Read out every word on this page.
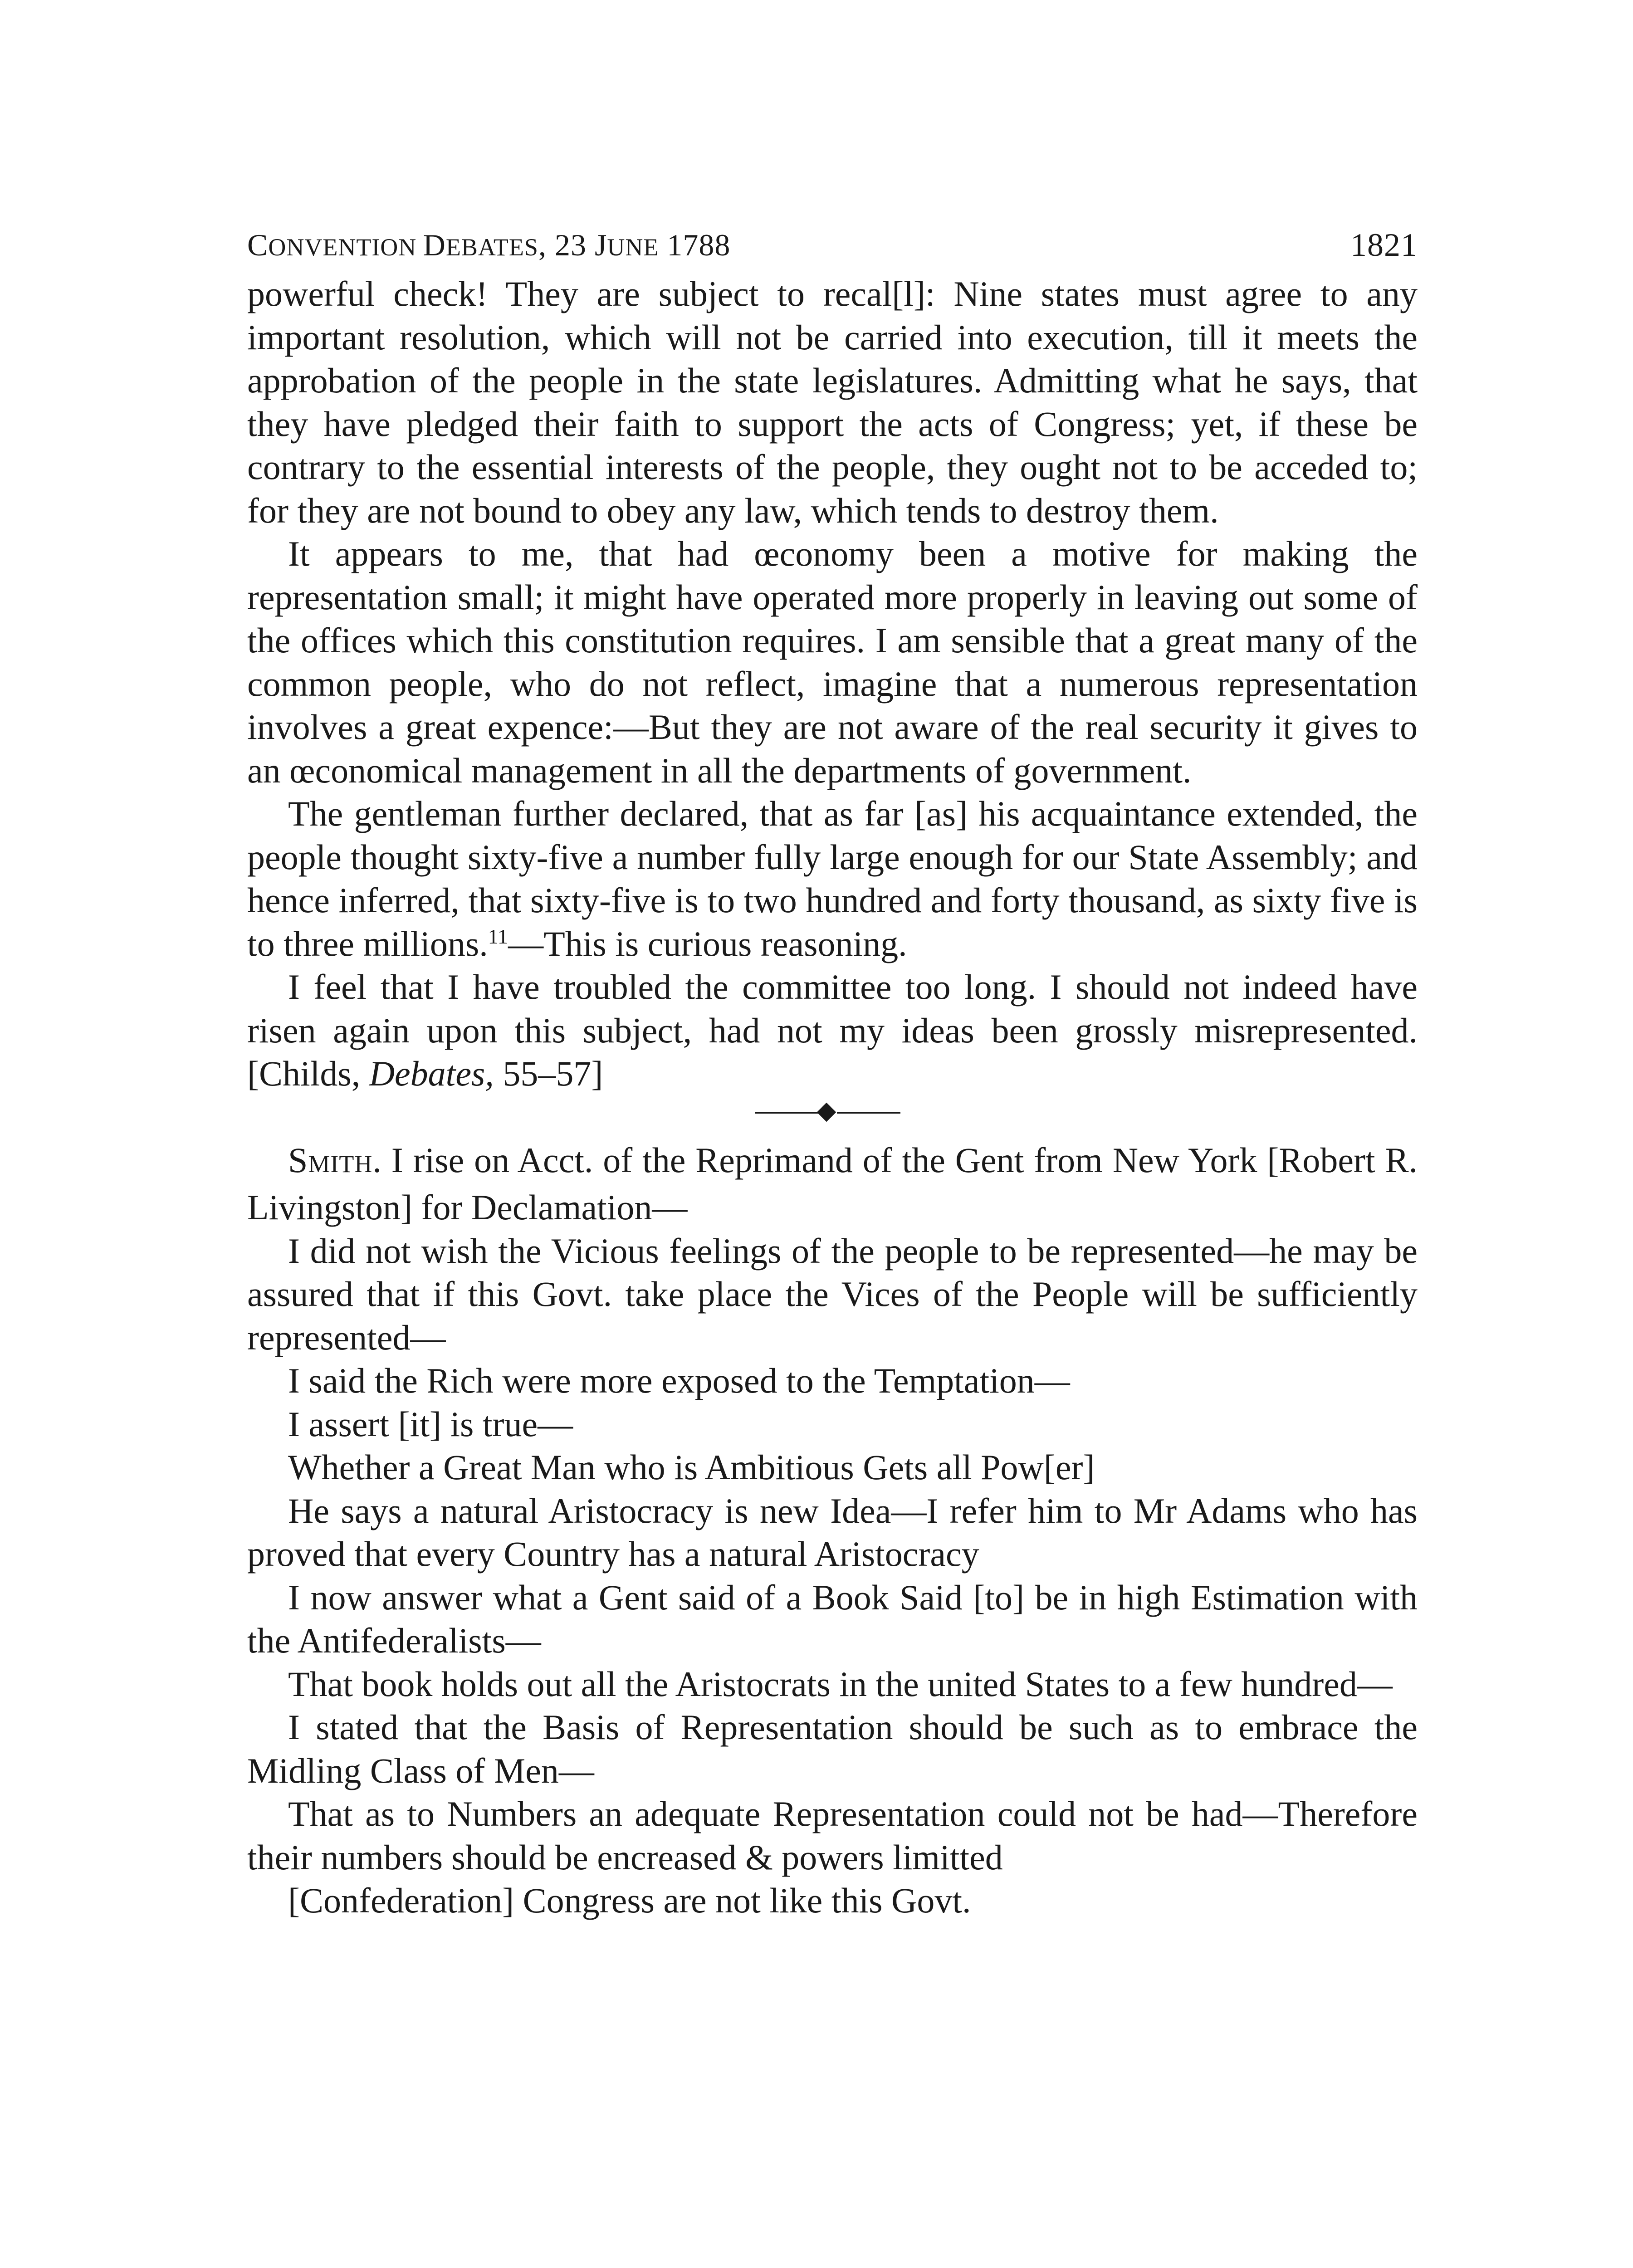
CONVENTION DEBATES, 23 JUNE 1788	1821

powerful check! They are subject to recal[l]: Nine states must agree to any important resolution, which will not be carried into execution, till it meets the approbation of the people in the state legislatures. Admitting what he says, that they have pledged their faith to support the acts of Congress; yet, if these be contrary to the essential interests of the people, they ought not to be acceded to; for they are not bound to obey any law, which tends to destroy them.

It appears to me, that had œconomy been a motive for making the representation small; it might have operated more properly in leaving out some of the offices which this constitution requires. I am sensible that a great many of the common people, who do not reflect, imagine that a numerous representation involves a great expence:—But they are not aware of the real security it gives to an œconomical management in all the departments of government.

The gentleman further declared, that as far [as] his acquaintance extended, the people thought sixty-five a number fully large enough for our State Assembly; and hence inferred, that sixty-five is to two hundred and forty thousand, as sixty five is to three millions.$^{11}$—This is curious reasoning.

I feel that I have troubled the committee too long. I should not indeed have risen again upon this subject, had not my ideas been grossly misrepresented. [Childs, Debates, 55–57]

SMITH. I rise on Acct. of the Reprimand of the Gent from New York [Robert R. Livingston] for Declamation—

I did not wish the Vicious feelings of the people to be represented—he may be assured that if this Govt. take place the Vices of the People will be sufficiently represented—

I said the Rich were more exposed to the Temptation—

I assert [it] is true—

Whether a Great Man who is Ambitious Gets all Pow[er]

He says a natural Aristocracy is new Idea—I refer him to Mr Adams who has proved that every Country has a natural Aristocracy

I now answer what a Gent said of a Book Said [to] be in high Estimation with the Antifederalists—

That book holds out all the Aristocrats in the united States to a few hundred—

I stated that the Basis of Representation should be such as to embrace the Midling Class of Men—

That as to Numbers an adequate Representation could not be had—Therefore their numbers should be encreased & powers limitted

[Confederation] Congress are not like this Govt.
